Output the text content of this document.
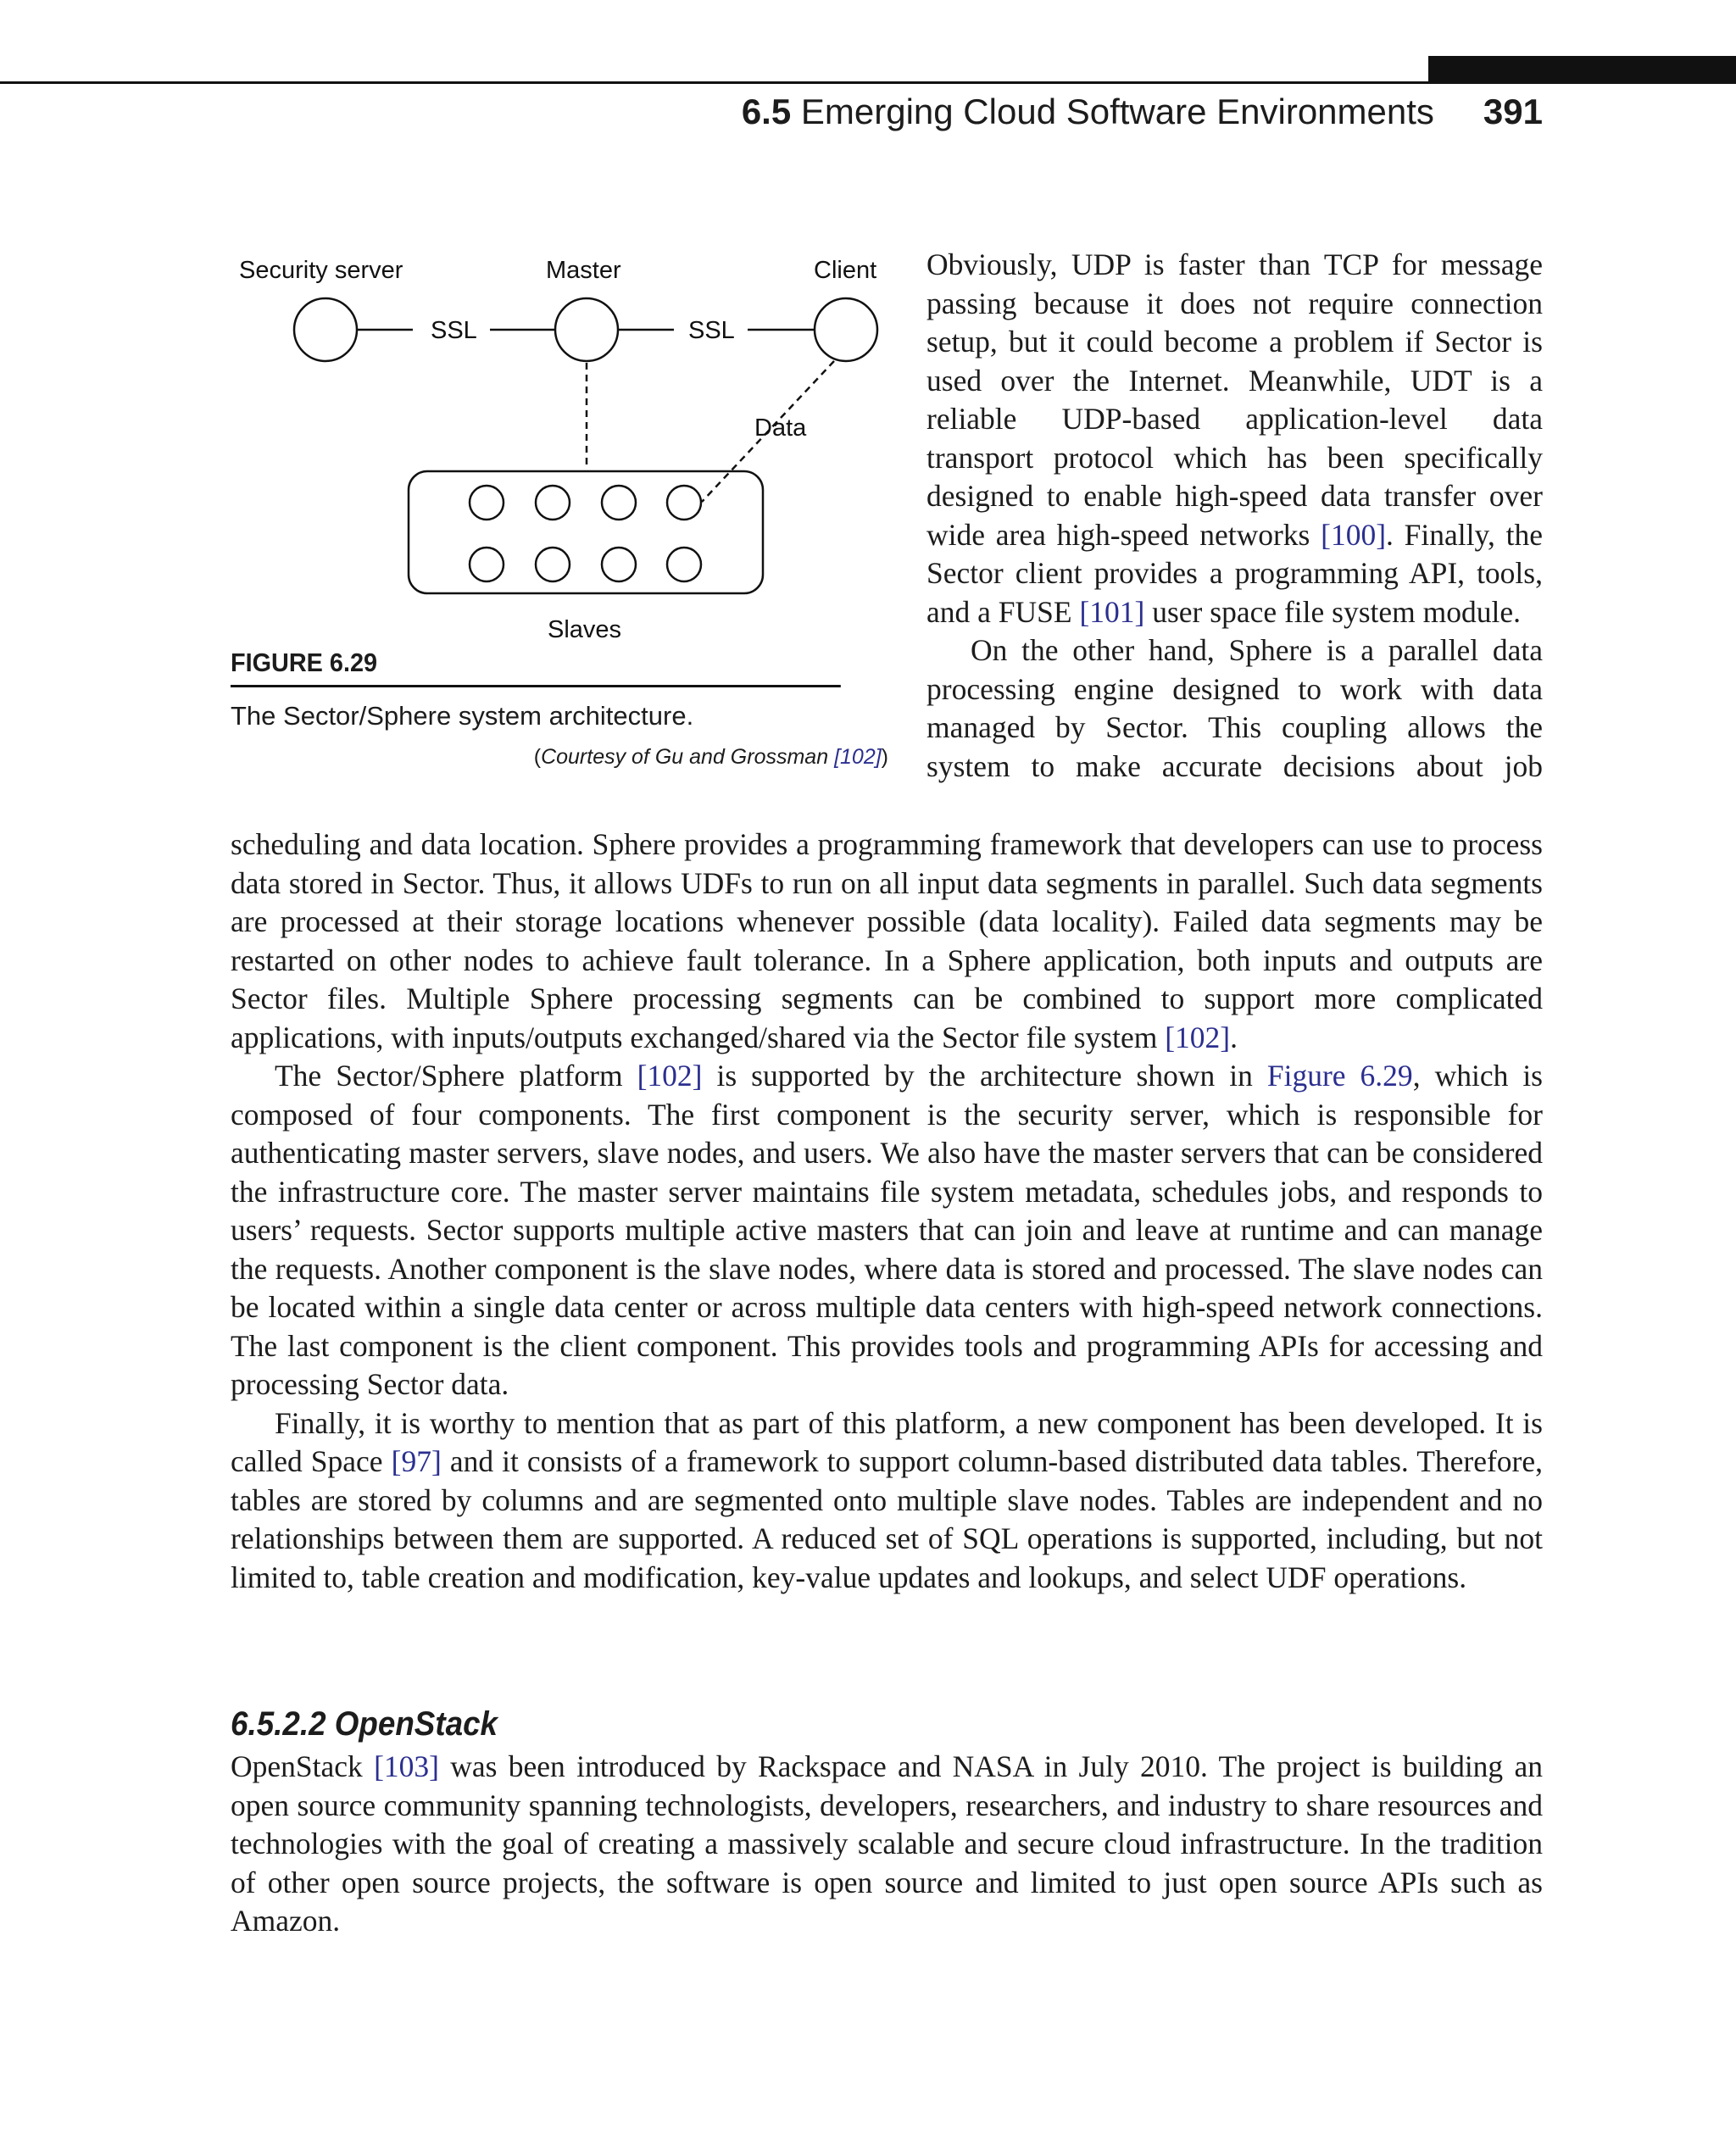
6.5 Emerging Cloud Software Environments 391
Security server	Master	Client
SSL	SSL
Data
Slaves
FIGURE 6.29
The Sector/Sphere system architecture.
(Courtesy of Gu and Grossman [102])

Obviously, UDP is faster than TCP for message passing because it does not require connection setup, but it could become a problem if Sector is used over the Internet. Meanwhile, UDT is a reliable UDP-based application-level data transport protocol which has been specifically designed to enable high-speed data transfer over wide area high-speed networks [100]. Finally, the Sector client provides a programming API, tools, and a FUSE [101] user space file system module.

On the other hand, Sphere is a parallel data processing engine designed to work with data managed by Sector. This coupling allows the system to make accurate decisions about job

scheduling and data location. Sphere provides a programming framework that developers can use to process data stored in Sector. Thus, it allows UDFs to run on all input data segments in parallel. Such data segments are processed at their storage locations whenever possible (data locality). Failed data segments may be restarted on other nodes to achieve fault tolerance. In a Sphere application, both inputs and outputs are Sector files. Multiple Sphere processing segments can be combined to support more complicated applications, with inputs/outputs exchanged/shared via the Sector file system [102].

The Sector/Sphere platform [102] is supported by the architecture shown in Figure 6.29, which is composed of four components. The first component is the security server, which is responsible for authenticating master servers, slave nodes, and users. We also have the master servers that can be considered the infrastructure core. The master server maintains file system metadata, schedules jobs, and responds to users’ requests. Sector supports multiple active masters that can join and leave at runtime and can manage the requests. Another component is the slave nodes, where data is stored and processed. The slave nodes can be located within a single data center or across multiple data centers with high-speed network connections. The last component is the client component. This provides tools and programming APIs for accessing and processing Sector data.

Finally, it is worthy to mention that as part of this platform, a new component has been developed. It is called Space [97] and it consists of a framework to support column-based distributed data tables. Therefore, tables are stored by columns and are segmented onto multiple slave nodes. Tables are independent and no relationships between them are supported. A reduced set of SQL operations is supported, including, but not limited to, table creation and modification, key-value updates and lookups, and select UDF operations.

6.5.2.2 OpenStack
OpenStack [103] was been introduced by Rackspace and NASA in July 2010. The project is building an open source community spanning technologists, developers, researchers, and industry to share resources and technologies with the goal of creating a massively scalable and secure cloud infrastructure. In the tradition of other open source projects, the software is open source and limited to just open source APIs such as Amazon.
